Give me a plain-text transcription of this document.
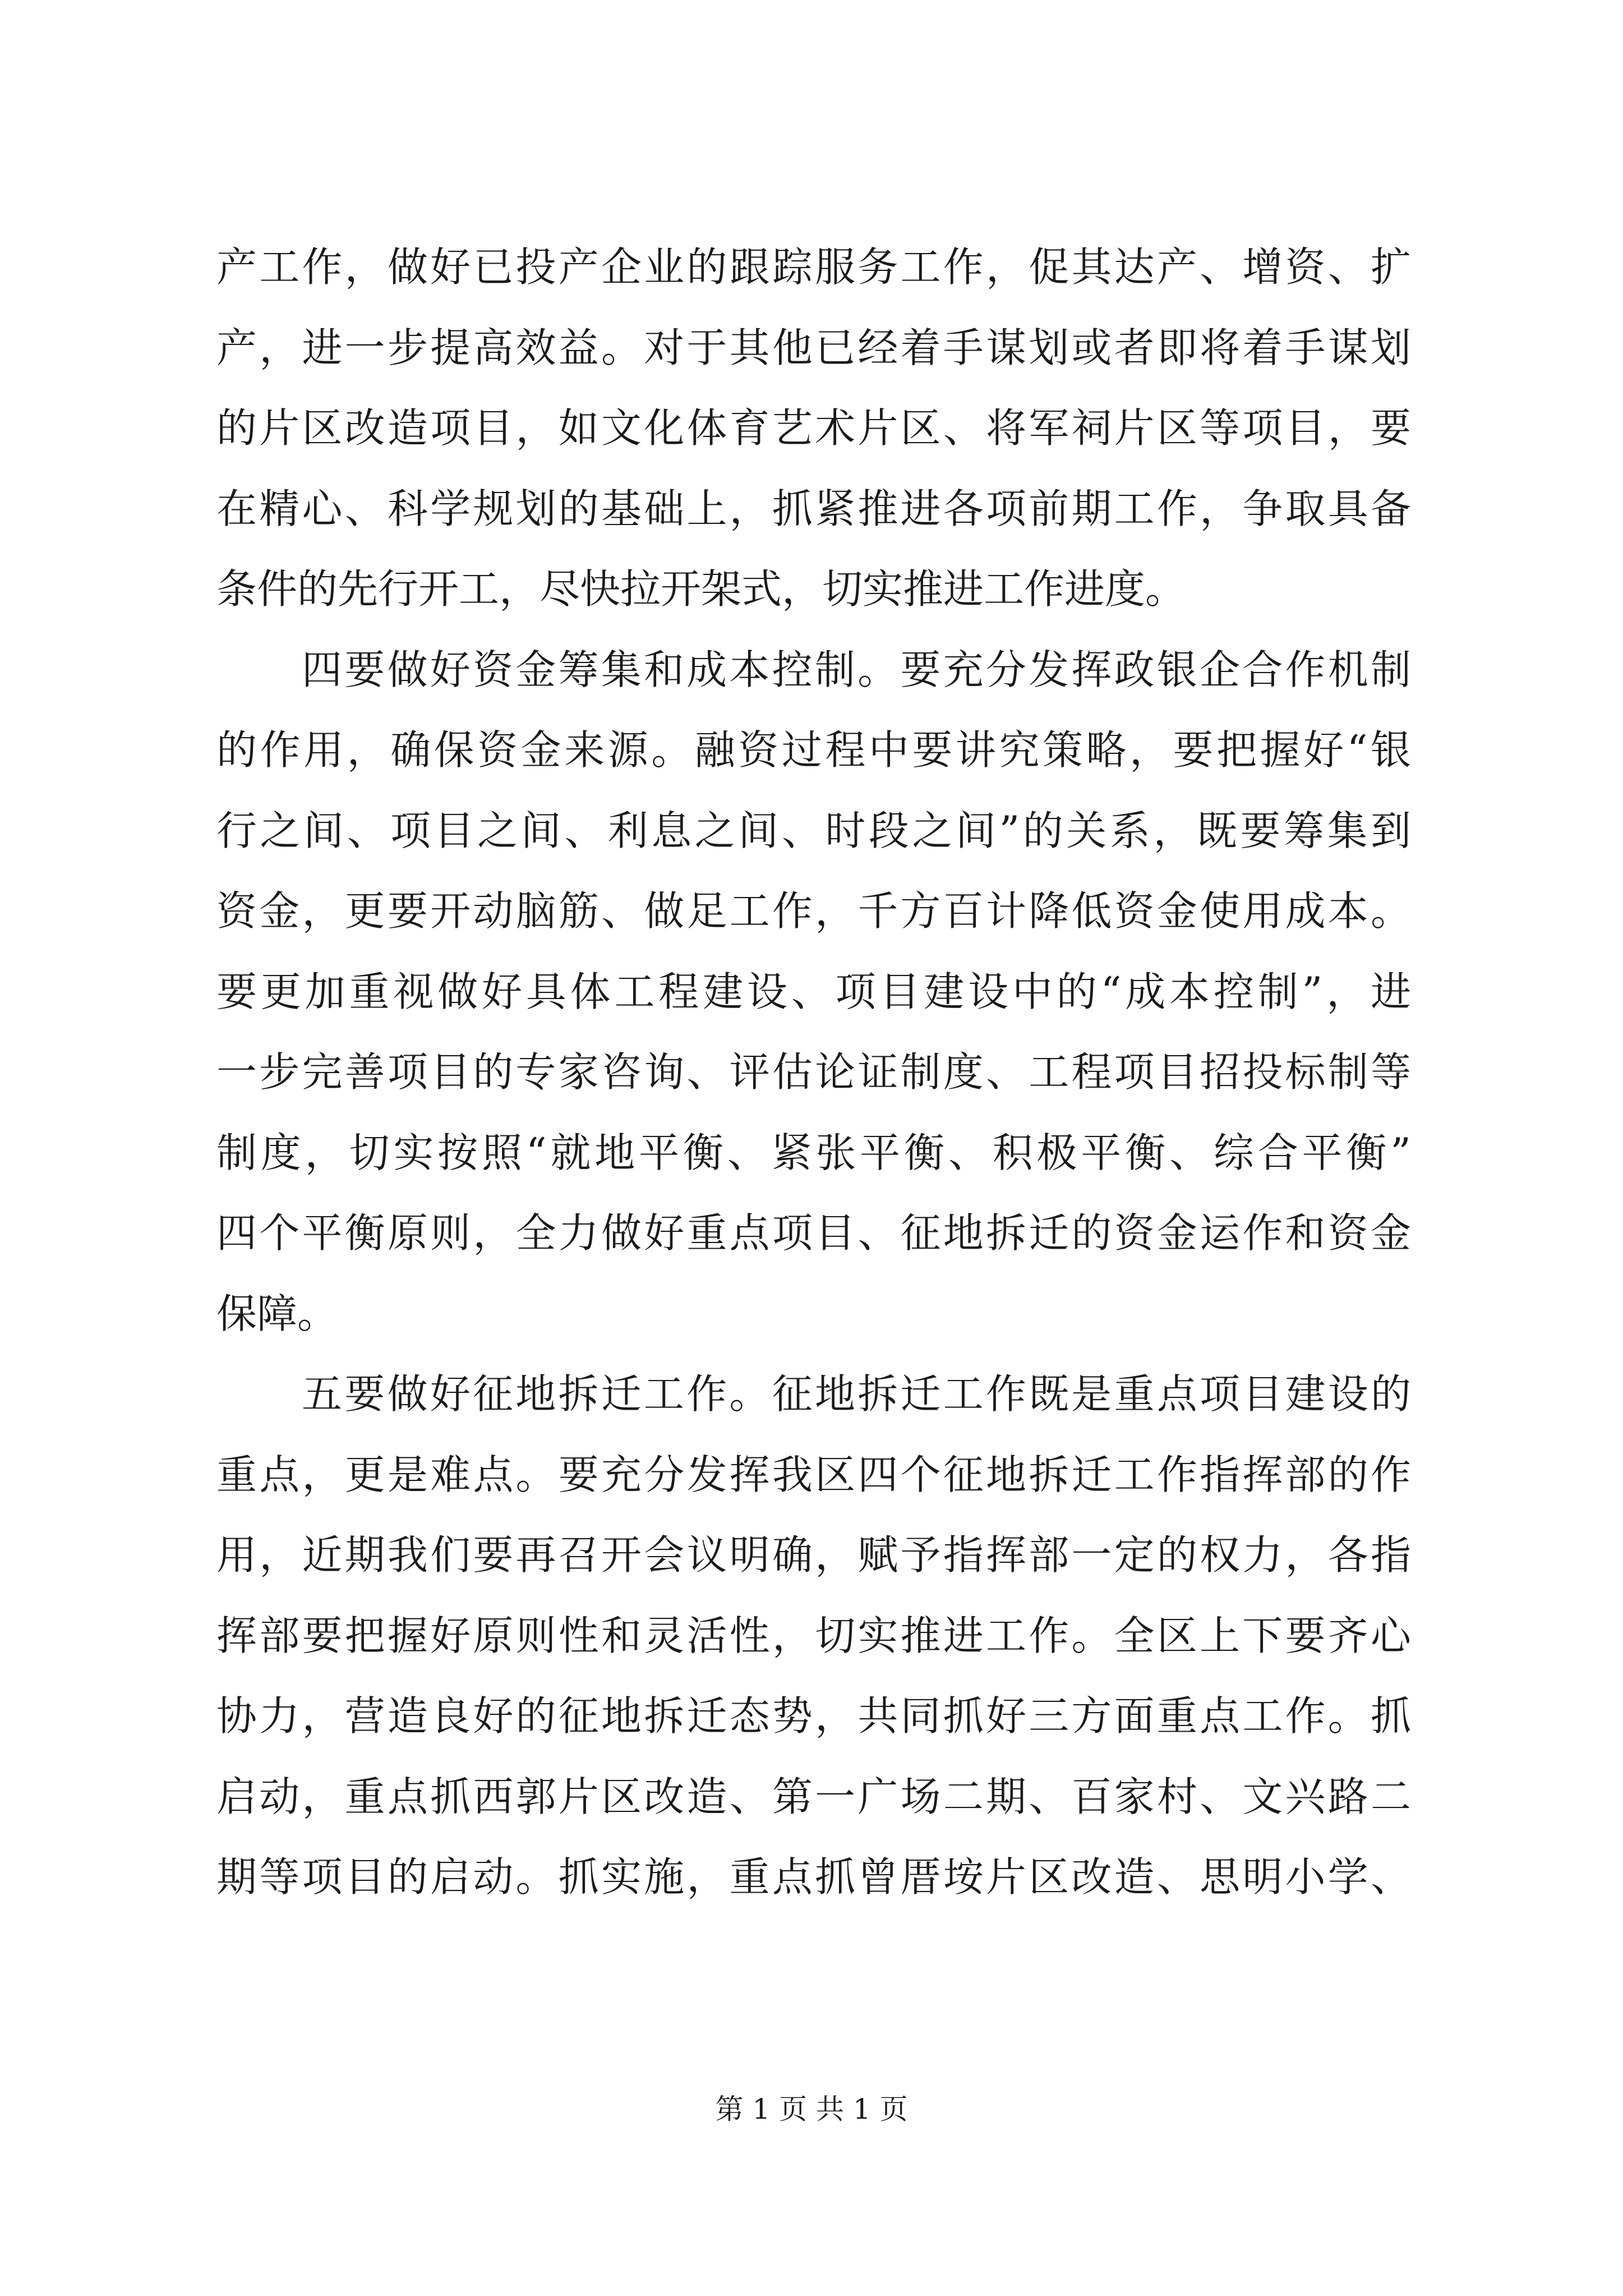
产工作，做好已投产企业的跟踪服务工作，促其达产、增资、扩
产，进一步提高效益。对于其他已经着手谋划或者即将着手谋划
的片区改造项目，如文化体育艺术片区、将军祠片区等项目，要
在精心、科学规划的基础上，抓紧推进各项前期工作，争取具备
条件的先行开工，尽快拉开架式，切实推进工作进度。
四要做好资金筹集和成本控制。要充分发挥政银企合作机制
的作用，确保资金来源。融资过程中要讲究策略，要把握好“银
行之间、项目之间、利息之间、时段之间”的关系，既要筹集到
资金，更要开动脑筋、做足工作，千方百计降低资金使用成本。
要更加重视做好具体工程建设、项目建设中的“成本控制”，进
一步完善项目的专家咨询、评估论证制度、工程项目招投标制等
制度，切实按照“就地平衡、紧张平衡、积极平衡、综合平衡”
四个平衡原则，全力做好重点项目、征地拆迁的资金运作和资金
保障。
五要做好征地拆迁工作。征地拆迁工作既是重点项目建设的
重点，更是难点。要充分发挥我区四个征地拆迁工作指挥部的作
用，近期我们要再召开会议明确，赋予指挥部一定的权力，各指
挥部要把握好原则性和灵活性，切实推进工作。全区上下要齐心
协力，营造良好的征地拆迁态势，共同抓好三方面重点工作。抓
启动，重点抓西郭片区改造、第一广场二期、百家村、文兴路二
期等项目的启动。抓实施，重点抓曾厝垵片区改造、思明小学、
第 1 页 共 1 页
